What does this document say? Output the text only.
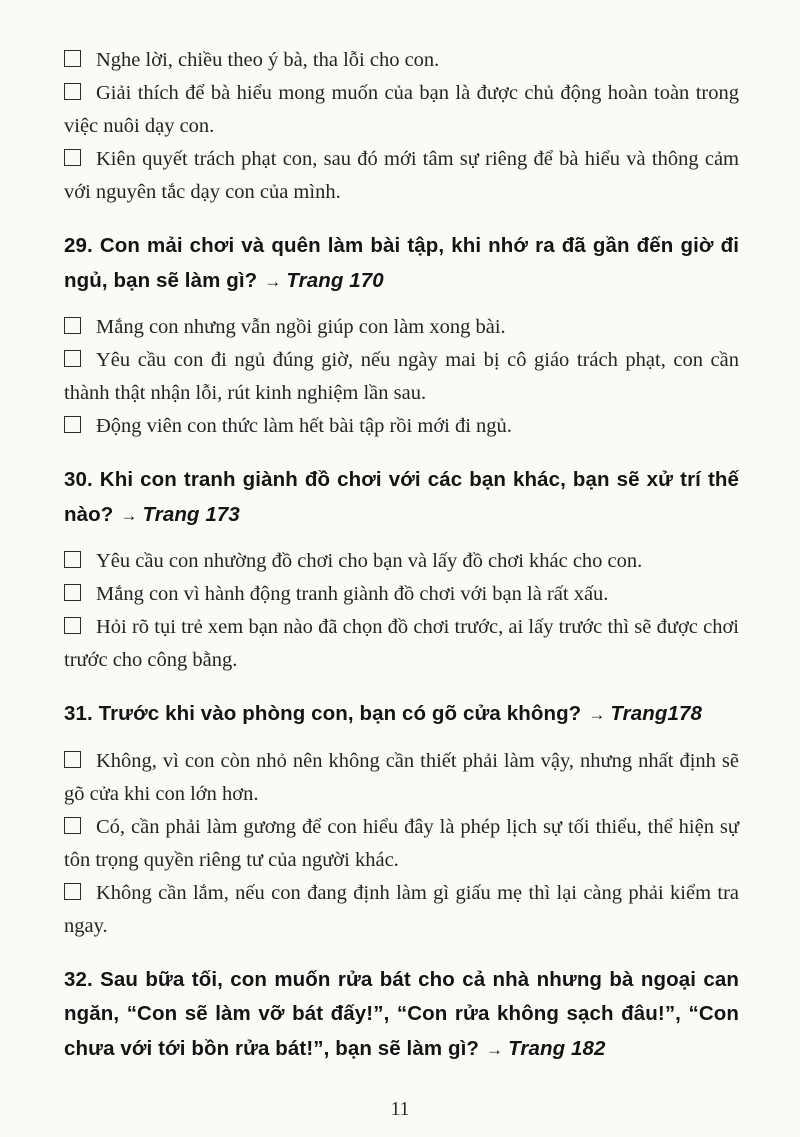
Nghe lời, chiều theo ý bà, tha lỗi cho con.

Giải thích để bà hiểu mong muốn của bạn là được chủ động hoàn toàn trong việc nuôi dạy con.

Kiên quyết trách phạt con, sau đó mới tâm sự riêng để bà hiểu và thông cảm với nguyên tắc dạy con của mình.

29. Con mải chơi và quên làm bài tập, khi nhớ ra đã gần đến giờ đi ngủ, bạn sẽ làm gì? → Trang 170

Mắng con nhưng vẫn ngồi giúp con làm xong bài.

Yêu cầu con đi ngủ đúng giờ, nếu ngày mai bị cô giáo trách phạt, con cần thành thật nhận lỗi, rút kinh nghiệm lần sau.

Động viên con thức làm hết bài tập rồi mới đi ngủ.

30. Khi con tranh giành đồ chơi với các bạn khác, bạn sẽ xử trí thế nào? → Trang 173

Yêu cầu con nhường đồ chơi cho bạn và lấy đồ chơi khác cho con.

Mắng con vì hành động tranh giành đồ chơi với bạn là rất xấu.

Hỏi rõ tụi trẻ xem bạn nào đã chọn đồ chơi trước, ai lấy trước thì sẽ được chơi trước cho công bằng.

31. Trước khi vào phòng con, bạn có gõ cửa không? → Trang178

Không, vì con còn nhỏ nên không cần thiết phải làm vậy, nhưng nhất định sẽ gõ cửa khi con lớn hơn.

Có, cần phải làm gương để con hiểu đây là phép lịch sự tối thiểu, thể hiện sự tôn trọng quyền riêng tư của người khác.

Không cần lắm, nếu con đang định làm gì giấu mẹ thì lại càng phải kiểm tra ngay.

32. Sau bữa tối, con muốn rửa bát cho cả nhà nhưng bà ngoại can ngăn, “Con sẽ làm vỡ bát đấy!”, “Con rửa không sạch đâu!”, “Con chưa với tới bồn rửa bát!”, bạn sẽ làm gì? → Trang 182
11
